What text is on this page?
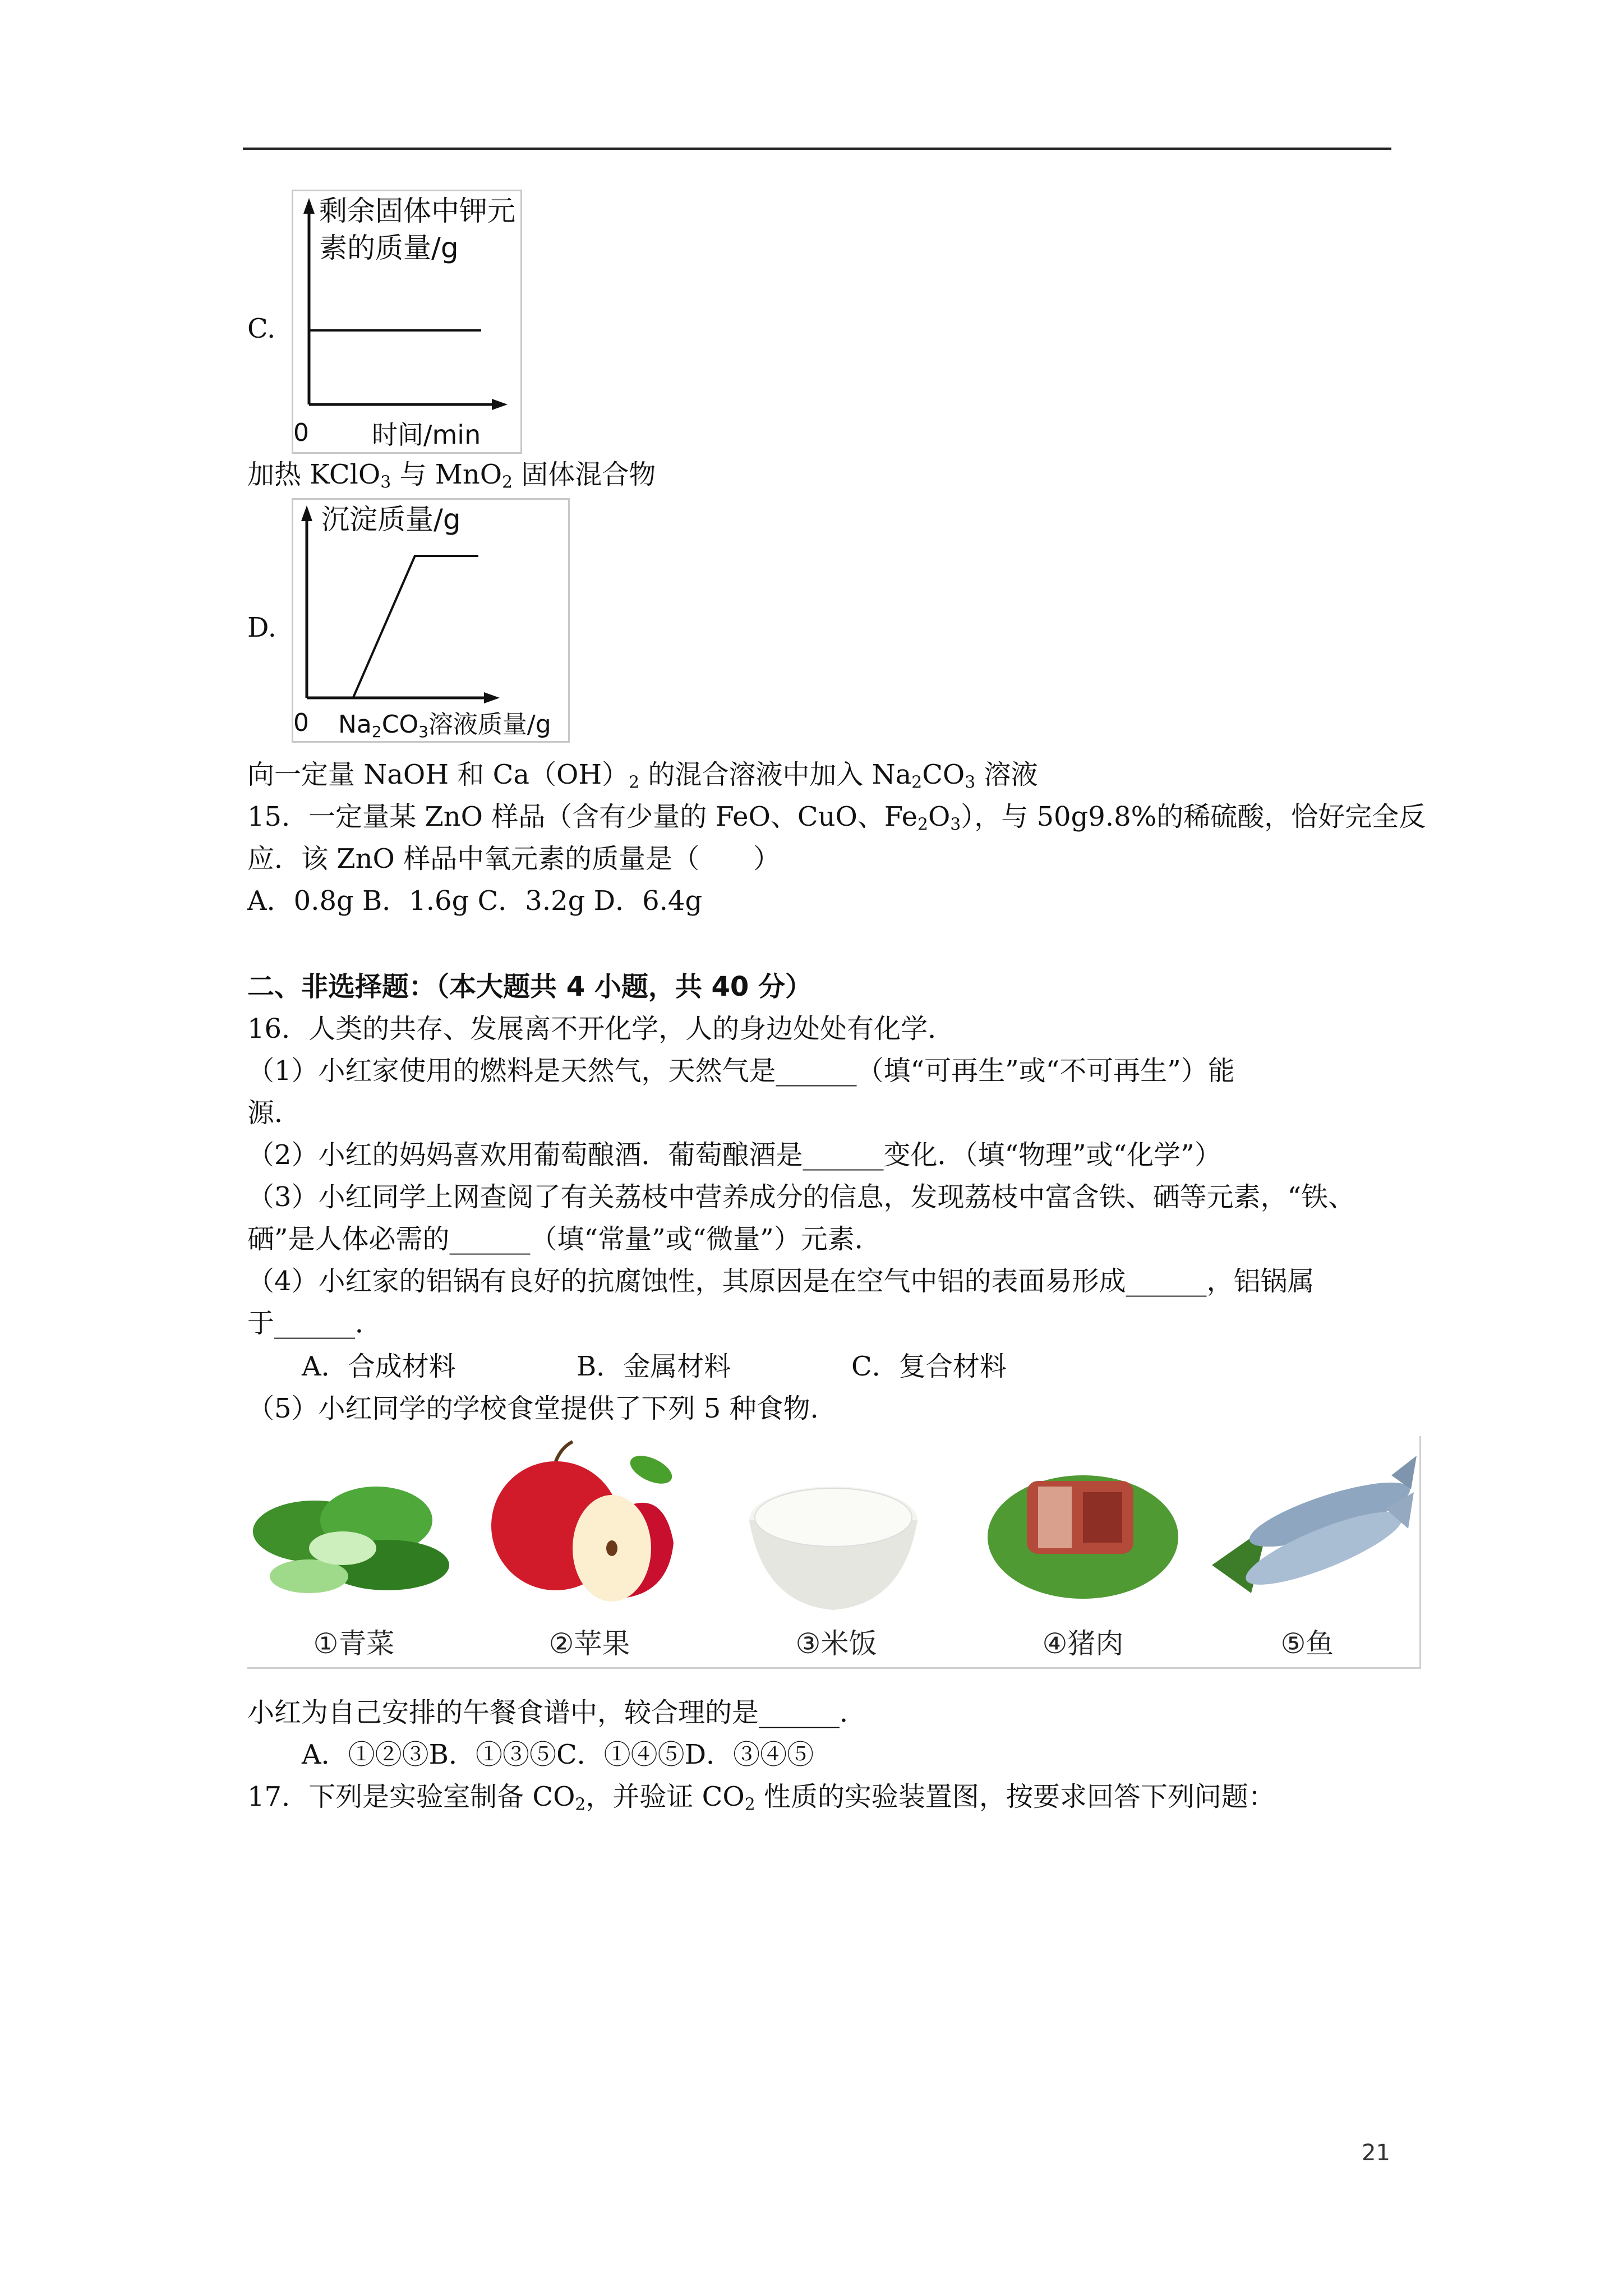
C.
剩余固体中钾元
素的质量/g
0 时间/min
加热 KClO$_3$ 与 MnO$_2$ 固体混合物
D.
沉淀质量/g
0 Na2CO3溶液质量/g
向一定量 NaOH 和 $Ca(OH)_2$ 的混合溶液中加入 $Na_2CO_3$ 溶液
15．一定量某 ZnO 样品（含有少量的 FeO、CuO、$Fe_2O_3$），与 50g9.8%的稀硫酸，恰好完全反
应．该 ZnO 样品中氧元素的质量是（　　）
A．0.8g B．1.6g C．3.2g D．6.4g
二、非选择题：（本大题共 4 小题，共 40 分）
16．人类的共存、发展离不开化学，人的身边处处有化学．
（1）小红家使用的燃料是天然气，天然气是______（填“可再生”或“不可再生”）能
源．
（2）小红的妈妈喜欢用葡萄酿酒．葡萄酿酒是______变化．（填“物理”或“化学”）
（3）小红同学上网查阅了有关荔枝中营养成分的信息，发现荔枝中富含铁、硒等元素，“铁、
硒”是人体必需的______（填“常量”或“微量”）元素．
（4）小红家的铝锅有良好的抗腐蚀性，其原因是在空气中铝的表面易形成______，铝锅属
于______．
A．合成材料	B．金属材料	C．复合材料
（5）小红同学的学校食堂提供了下列 5 种食物．
①青菜	②苹果	③米饭	④猪肉	⑤鱼
小红为自己安排的午餐食谱中，较合理的是______．
A．①②③B．①③⑤C．①④⑤D．③④⑤
17．下列是实验室制备 $CO_2$，并验证 $CO_2$ 性质的实验装置图，按要求回答下列问题：
21
